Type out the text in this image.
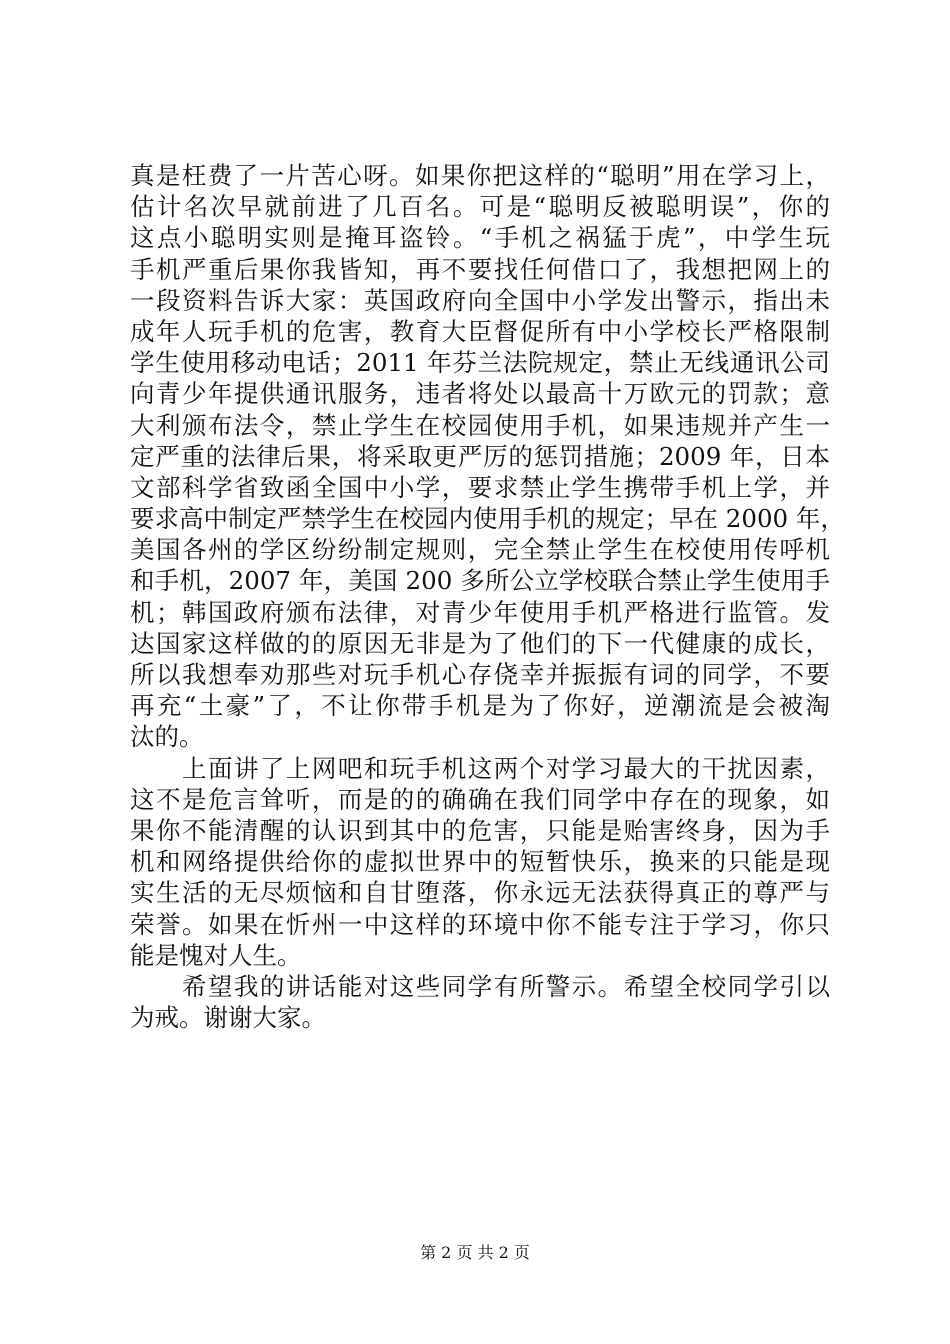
真是枉费了一片苦心呀。如果你把这样的“聪明”用在学习上，
估计名次早就前进了几百名。可是“聪明反被聪明误”，你的
这点小聪明实则是掩耳盗铃。“手机之祸猛于虎”，中学生玩
手机严重后果你我皆知，再不要找任何借口了，我想把网上的
一段资料告诉大家：英国政府向全国中小学发出警示，指出未
成年人玩手机的危害，教育大臣督促所有中小学校长严格限制
学生使用移动电话；2011 年芬兰法院规定，禁止无线通讯公司
向青少年提供通讯服务，违者将处以最高十万欧元的罚款；意
大利颁布法令，禁止学生在校园使用手机，如果违规并产生一
定严重的法律后果，将采取更严厉的惩罚措施；2009 年，日本
文部科学省致函全国中小学，要求禁止学生携带手机上学，并
要求高中制定严禁学生在校园内使用手机的规定；早在 2000 年，
美国各州的学区纷纷制定规则，完全禁止学生在校使用传呼机
和手机，2007 年，美国 200 多所公立学校联合禁止学生使用手
机；韩国政府颁布法律，对青少年使用手机严格进行监管。发
达国家这样做的的原因无非是为了他们的下一代健康的成长，
所以我想奉劝那些对玩手机心存侥幸并振振有词的同学，不要
再充“土豪”了，不让你带手机是为了你好，逆潮流是会被淘
汰的。
上面讲了上网吧和玩手机这两个对学习最大的干扰因素，
这不是危言耸听，而是的的确确在我们同学中存在的现象，如
果你不能清醒的认识到其中的危害，只能是贻害终身，因为手
机和网络提供给你的虚拟世界中的短暂快乐，换来的只能是现
实生活的无尽烦恼和自甘堕落，你永远无法获得真正的尊严与
荣誉。如果在忻州一中这样的环境中你不能专注于学习，你只
能是愧对人生。
希望我的讲话能对这些同学有所警示。希望全校同学引以
为戒。谢谢大家。
第 2 页 共 2 页
